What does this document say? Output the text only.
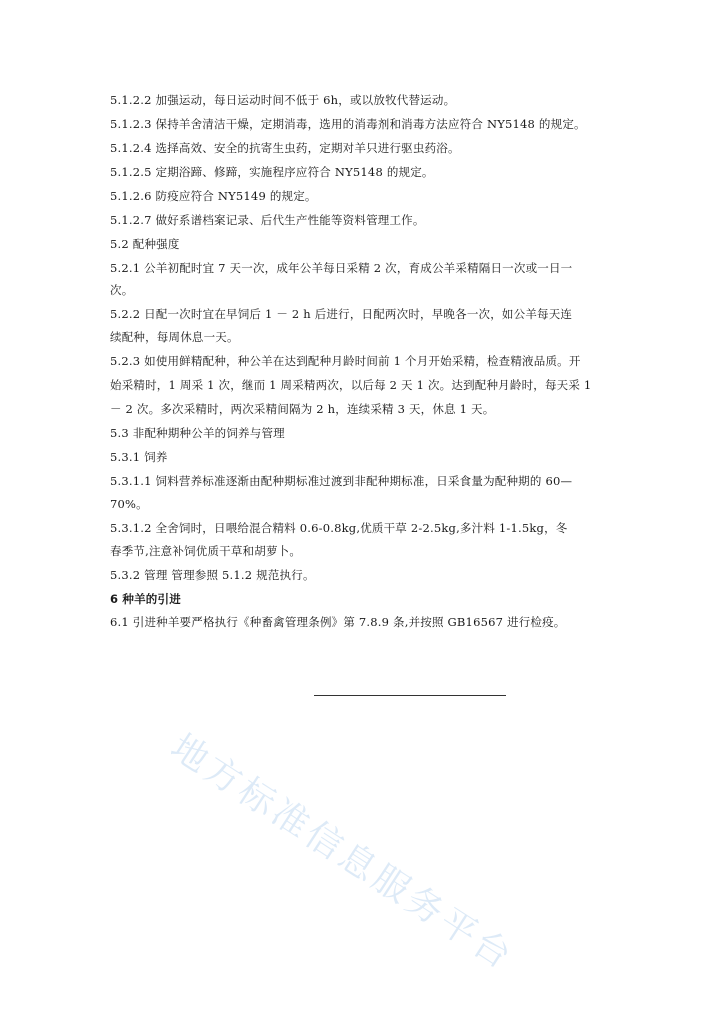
5.1.2.2 加强运动，每日运动时间不低于 6h，或以放牧代替运动。
5.1.2.3 保持羊舍清洁干燥，定期消毒，选用的消毒剂和消毒方法应符合 NY5148 的规定。
5.1.2.4 选择高效、安全的抗寄生虫药，定期对羊只进行驱虫药浴。
5.1.2.5 定期浴蹄、修蹄，实施程序应符合 NY5148 的规定。
5.1.2.6 防疫应符合 NY5149 的规定。
5.1.2.7 做好系谱档案记录、后代生产性能等资料管理工作。
5.2 配种强度
5.2.1 公羊初配时宜 7 天一次，成年公羊每日采精 2 次，育成公羊采精隔日一次或一日一
次。
5.2.2 日配一次时宜在早饲后 1 － 2 h 后进行，日配两次时，早晚各一次，如公羊每天连
续配种，每周休息一天。
5.2.3 如使用鲜精配种，种公羊在达到配种月龄时间前 1 个月开始采精，检查精液品质。开
始采精时，1 周采 1 次，继而 1 周采精两次，以后每 2 天 1 次。达到配种月龄时，每天采 1
－ 2 次。多次采精时，两次采精间隔为 2 h，连续采精 3 天，休息 1 天。
5.3 非配种期种公羊的饲养与管理
5.3.1 饲养
5.3.1.1 饲料营养标准逐渐由配种期标准过渡到非配种期标准，日采食量为配种期的 60—
70%。
5.3.1.2 全舍饲时，日喂给混合精料 0.6-0.8kg,优质干草 2-2.5kg,多汁料 1-1.5kg，冬
春季节,注意补饲优质干草和胡萝卜。
5.3.2 管理 管理参照 5.1.2 规范执行。
6 种羊的引进
6.1 引进种羊要严格执行《种畜禽管理条例》第 7.8.9 条,并按照 GB16567 进行检疫。
地方标准信息服务平台
